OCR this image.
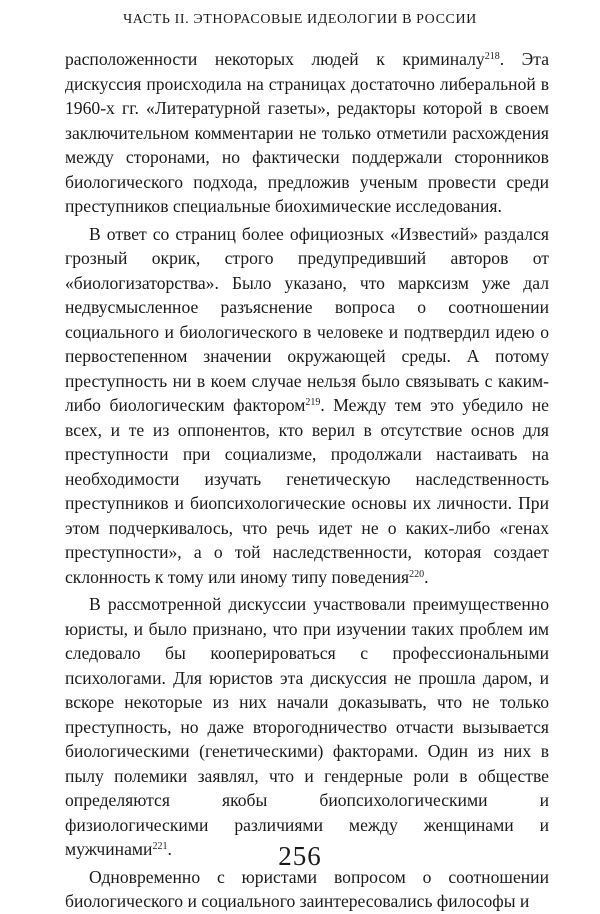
ЧАСТЬ II. ЭТНОРАСОВЫЕ ИДЕОЛОГИИ В РОССИИ

расположенности некоторых людей к криминалу$^{218}$. Эта дискуссия происходила на страницах достаточно либеральной в 1960-х гг. «Литературной газеты», редакторы которой в своем заключительном комментарии не только отметили расхождения между сторонами, но фактически поддержали сторонников биологического подхода, предложив ученым провести среди преступников специальные биохимические исследования.

В ответ со страниц более официозных «Известий» раздался грозный окрик, строго предупредивший авторов от «биологизаторства». Было указано, что марксизм уже дал недвусмысленное разъяснение вопроса о соотношении социального и биологического в человеке и подтвердил идею о первостепенном значении окружающей среды. А потому преступность ни в коем случае нельзя было связывать с каким-либо биологическим фактором$^{219}$. Между тем это убедило не всех, и те из оппонентов, кто верил в отсутствие основ для преступности при социализме, продолжали настаивать на необходимости изучать генетическую наследственность преступников и биопсихологические основы их личности. При этом подчеркивалось, что речь идет не о каких-либо «генах преступности», а о той наследственности, которая создает склонность к тому или иному типу поведения$^{220}$.

В рассмотренной дискуссии участвовали преимущественно юристы, и было признано, что при изучении таких проблем им следовало бы кооперироваться с профессиональными психологами. Для юристов эта дискуссия не прошла даром, и вскоре некоторые из них начали доказывать, что не только преступность, но даже второгодничество отчасти вызывается биологическими (генетическими) факторами. Один из них в пылу полемики заявлял, что и гендерные роли в обществе определяются якобы биопсихологическими и физиологическими различиями между женщинами и мужчинами$^{221}$.

Одновременно с юристами вопросом о соотношении биологического и социального заинтересовались философы и

256
